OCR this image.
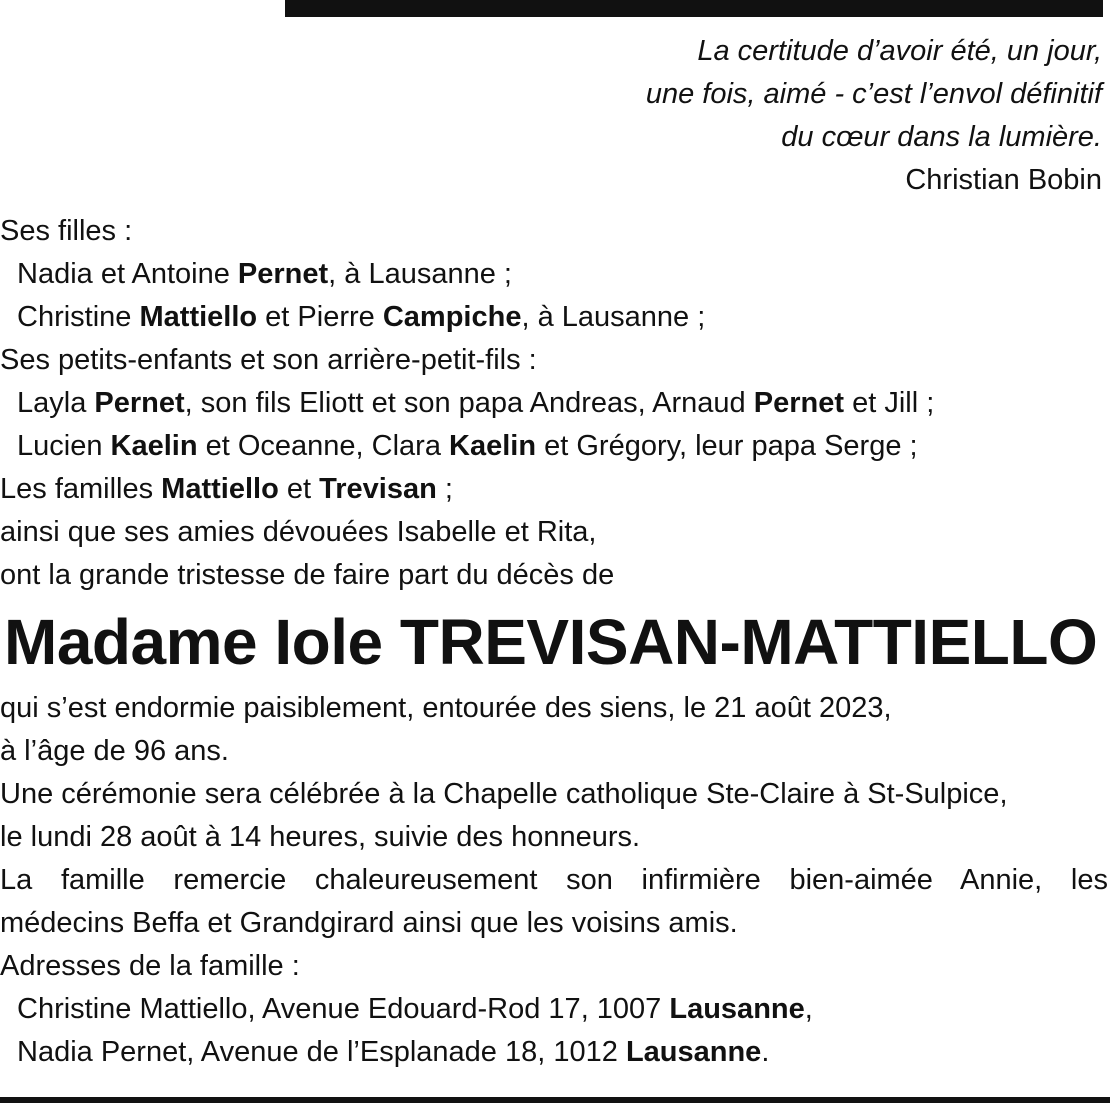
La certitude d’avoir été, un jour,
une fois, aimé - c’est l’envol définitif
du cœur dans la lumière.
Christian Bobin
Ses filles :
Nadia et Antoine Pernet, à Lausanne ;
Christine Mattiello et Pierre Campiche, à Lausanne ;
Ses petits-enfants et son arrière-petit-fils :
Layla Pernet, son fils Eliott et son papa Andreas, Arnaud Pernet et Jill ;
Lucien Kaelin et Oceanne, Clara Kaelin et Grégory, leur papa Serge ;
Les familles Mattiello et Trevisan ;
ainsi que ses amies dévouées Isabelle et Rita,
ont la grande tristesse de faire part du décès de
Madame Iole TREVISAN-MATTIELLO
qui s’est endormie paisiblement, entourée des siens, le 21 août 2023,
à l’âge de 96 ans.
Une cérémonie sera célébrée à la Chapelle catholique Ste-Claire à St-Sulpice,
le lundi 28 août à 14 heures, suivie des honneurs.
La famille remercie chaleureusement son infirmière bien-aimée Annie, les
médecins Beffa et Grandgirard ainsi que les voisins amis.
Adresses de la famille :
Christine Mattiello, Avenue Edouard-Rod 17, 1007 Lausanne,
Nadia Pernet, Avenue de l’Esplanade 18, 1012 Lausanne.
